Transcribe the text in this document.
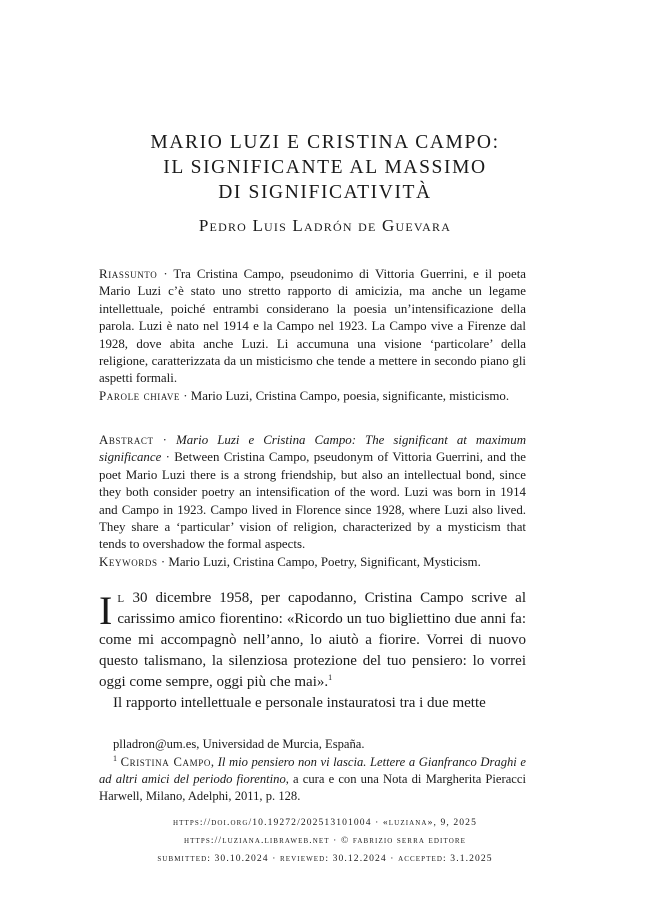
MARIO LUZI E CRISTINA CAMPO:
IL SIGNIFICANTE AL MASSIMO
DI SIGNIFICATIVITÀ
Pedro Luis Ladrón de Guevara
Riassunto · Tra Cristina Campo, pseudonimo di Vittoria Guerrini, e il poeta Mario Luzi c’è stato uno stretto rapporto di amicizia, ma anche un legame intellettuale, poiché entrambi considerano la poesia un’intensificazione della parola. Luzi è nato nel 1914 e la Campo nel 1923. La Campo vive a Firenze dal 1928, dove abita anche Luzi. Li accumuna una visione ‘particolare’ della religione, caratterizzata da un misticismo che tende a mettere in secondo piano gli aspetti formali.
Parole chiave · Mario Luzi, Cristina Campo, poesia, significante, misticismo.
Abstract · Mario Luzi e Cristina Campo: The significant at maximum significance · Between Cristina Campo, pseudonym of Vittoria Guerrini, and the poet Mario Luzi there is a strong friendship, but also an intellectual bond, since they both consider poetry an intensification of the word. Luzi was born in 1914 and Campo in 1923. Campo lived in Florence since 1928, where Luzi also lived. They share a ‘particular’ vision of religion, characterized by a mysticism that tends to overshadow the formal aspects.
Keywords · Mario Luzi, Cristina Campo, Poetry, Significant, Mysticism.
Il 30 dicembre 1958, per capodanno, Cristina Campo scrive al carissimo amico fiorentino: «Ricordo un tuo bigliettino due anni fa: come mi accompagnò nell’anno, lo aiutò a fiorire. Vorrei di nuovo questo talismano, la silenziosa protezione del tuo pensiero: lo vorrei oggi come sempre, oggi più che mai».$^1$
Il rapporto intellettuale e personale instauratosi tra i due mette
plladron@um.es, Universidad de Murcia, España.
$^1$ Cristina Campo, Il mio pensiero non vi lascia. Lettere a Gianfranco Draghi e ad altri amici del periodo fiorentino, a cura e con una Nota di Margherita Pieracci Harwell, Milano, Adelphi, 2011, p. 128.
https://doi.org/10.19272/202513101004 · «luziana», 9, 2025
https://luziana.libraweb.net · © fabrizio serra editore
submitted: 30.10.2024 · reviewed: 30.12.2024 · accepted: 3.1.2025
